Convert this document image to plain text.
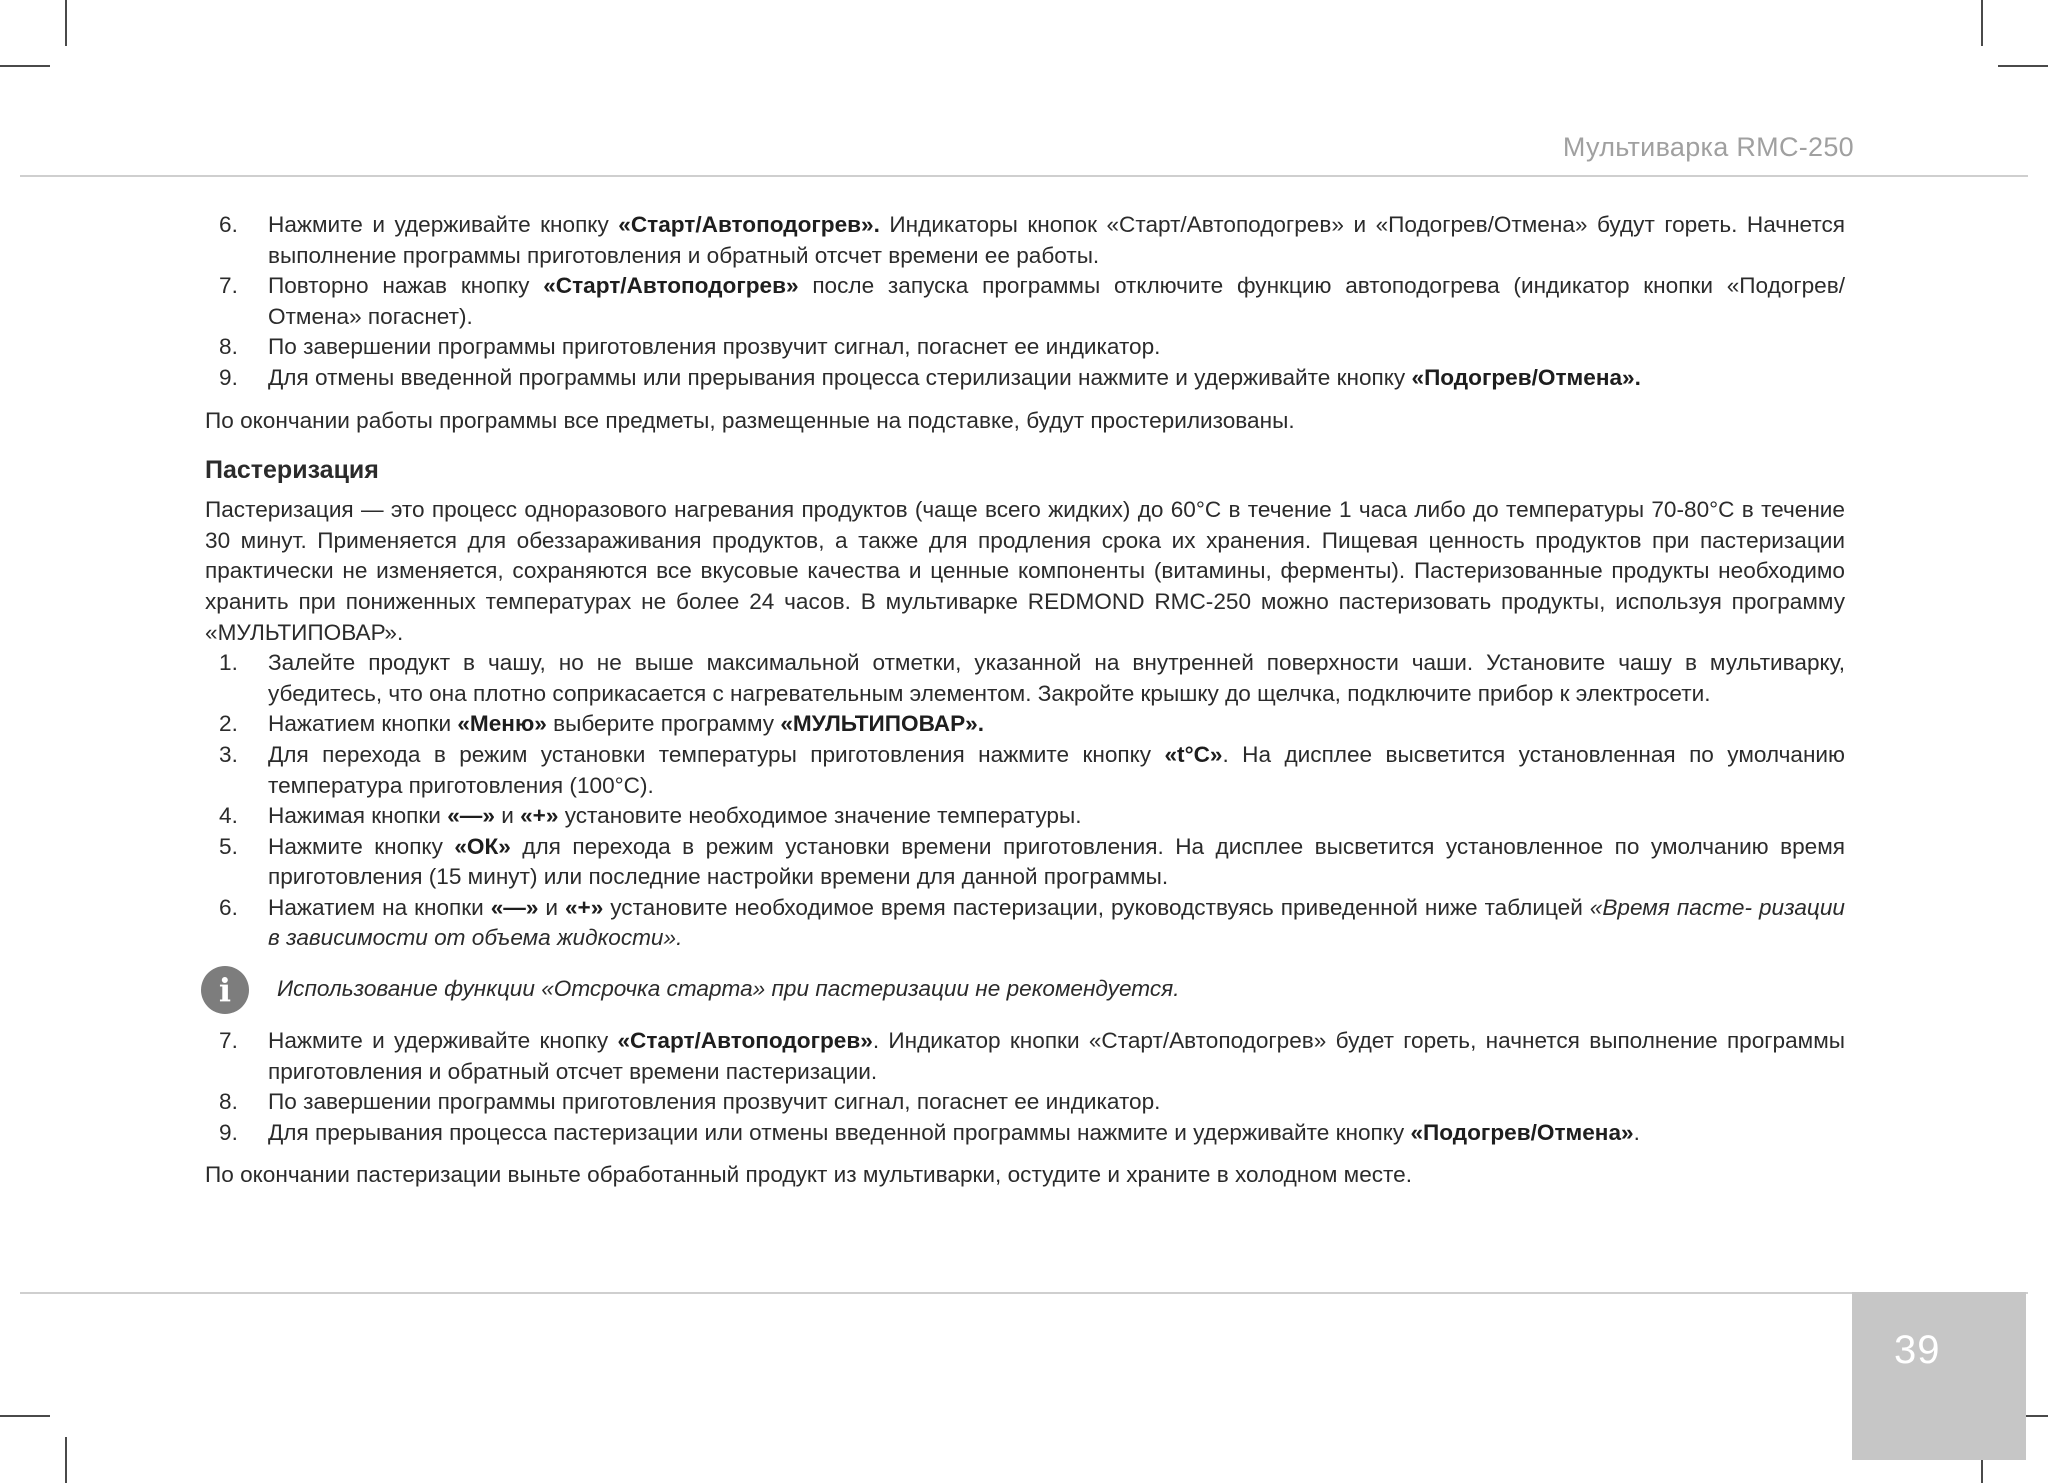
Мультиварка RMC-250
6. Нажмите и удерживайте кнопку «Старт/Автоподогрев». Индикаторы кнопок «Старт/Автоподогрев» и «Подогрев/Отмена» будут гореть. Начнется выполнение программы приготовления и обратный отсчет времени ее работы.
7. Повторно нажав кнопку «Старт/Автоподогрев» после запуска программы отключите функцию автоподогрева (индикатор кнопки «Подогрев/ Отмена» погаснет).
8. По завершении программы приготовления прозвучит сигнал, погаснет ее индикатор.
9. Для отмены введенной программы или прерывания процесса стерилизации нажмите и удерживайте кнопку «Подогрев/Отмена».

По окончании работы программы все предметы, размещенные на подставке, будут простерилизованы.

Пастеризация

Пастеризация — это процесс одноразового нагревания продуктов (чаще всего жидких) до 60°C в течение 1 часа либо до температуры 70-80°C в течение 30 минут. Применяется для обеззараживания продуктов, а также для продления срока их хранения. Пищевая ценность продуктов при пастеризации практически не изменяется, сохраняются все вкусовые качества и ценные компоненты (витамины, ферменты). Пастеризованные продукты необходимо хранить при пониженных температурах не более 24 часов. В мультиварке REDMOND RMC-250 можно пастеризовать продукты, используя программу «МУЛЬТИПОВАР».

1. Залейте продукт в чашу, но не выше максимальной отметки, указанной на внутренней поверхности чаши. Установите чашу в мультиварку, убедитесь, что она плотно соприкасается с нагревательным элементом. Закройте крышку до щелчка, подключите прибор к электросети.
2. Нажатием кнопки «Меню» выберите программу «МУЛЬТИПОВАР».
3. Для перехода в режим установки температуры приготовления нажмите кнопку «t°C». На дисплее высветится установленная по умолчанию температура приготовления (100°C).
4. Нажимая кнопки «—» и «+» установите необходимое значение температуры.
5. Нажмите кнопку «ОК» для перехода в режим установки времени приготовления. На дисплее высветится установленное по умолчанию время приготовления (15 минут) или последние настройки времени для данной программы.
6. Нажатием на кнопки «—» и «+» установите необходимое время пастеризации, руководствуясь приведенной ниже таблицей «Время пасте- ризации в зависимости от объема жидкости».
i	Использование функции «Отсрочка старта» при пастеризации не рекомендуется.
7. Нажмите и удерживайте кнопку «Старт/Автоподогрев». Индикатор кнопки «Старт/Автоподогрев» будет гореть, начнется выполнение программы приготовления и обратный отсчет времени пастеризации.
8. По завершении программы приготовления прозвучит сигнал, погаснет ее индикатор.
9. Для прерывания процесса пастеризации или отмены введенной программы нажмите и удерживайте кнопку «Подогрев/Отмена».

По окончании пастеризации выньте обработанный продукт из мультиварки, остудите и храните в холодном месте.

39
